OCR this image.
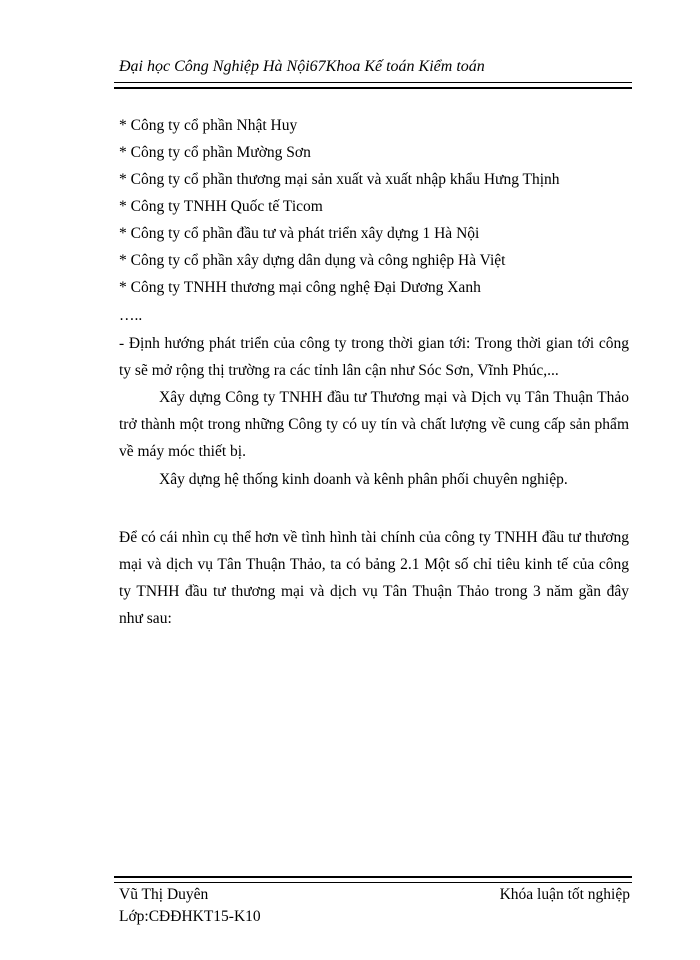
Đại học Công Nghiệp Hà Nội67Khoa Kế toán Kiểm toán
* Công ty cổ phần Nhật Huy
* Công ty cổ phần Mường Sơn
* Công ty cổ phần thương mại sản xuất và xuất nhập khẩu Hưng Thịnh
* Công ty TNHH Quốc tế Ticom
* Công ty cổ phần đầu tư và phát triển xây dựng 1 Hà Nội
* Công ty cổ phần xây dựng dân dụng và công nghiệp Hà Việt
* Công ty TNHH thương mại công nghệ Đại Dương Xanh
…..
- Định hướng phát triển của công ty trong thời gian tới: Trong thời gian tới công ty sẽ mở rộng thị trường ra các tỉnh lân cận như Sóc Sơn, Vĩnh Phúc,...
Xây dựng Công ty TNHH đầu tư Thương mại và Dịch vụ Tân Thuận Thảo trở thành một trong những Công ty có uy tín và chất lượng về cung cấp sản phẩm về máy móc thiết bị.
Xây dựng hệ thống kinh doanh và kênh phân phối chuyên nghiệp.
Để có cái nhìn cụ thể hơn về tình hình tài chính của công ty TNHH đầu tư thương mại và dịch vụ Tân Thuận Thảo, ta có bảng 2.1 Một số chỉ tiêu kinh tế của công ty TNHH đầu tư thương mại và dịch vụ Tân Thuận Thảo trong 3 năm gần đây như sau:
Vũ Thị Duyên
Lớp:CĐĐHKT15-K10
Khóa luận tốt nghiệp
